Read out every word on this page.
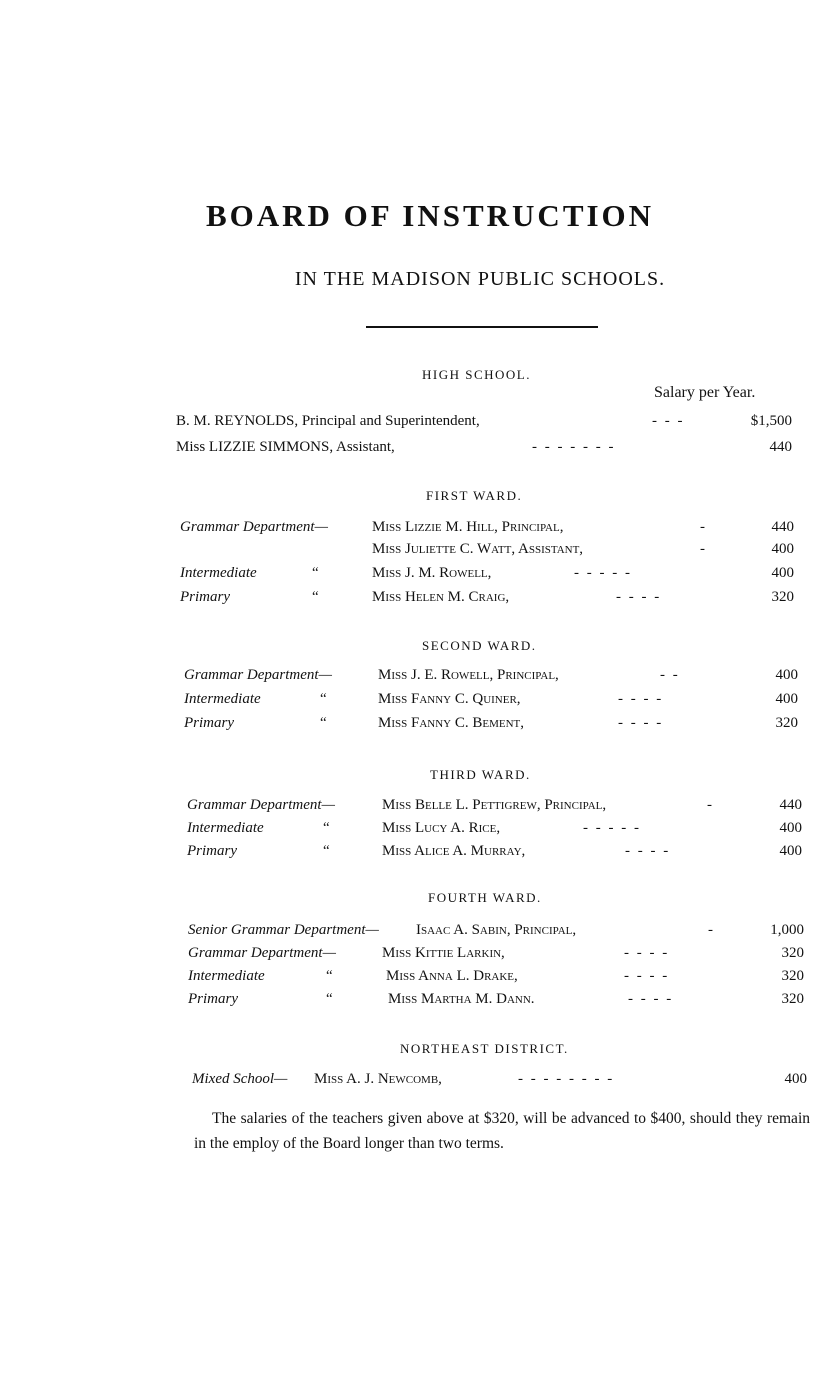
BOARD OF INSTRUCTION
IN THE MADISON PUBLIC SCHOOLS.
HIGH SCHOOL.
Salary per Year.
B. M. REYNOLDS, Principal and Superintendent,	- - -	$1,500
Miss LIZZIE SIMMONS, Assistant,	- - - - - - -	440
FIRST WARD.
Grammar Department—	Miss Lizzie M. Hill, Principal,	-	440
Miss Juliette C. Watt, Assistant,	-	400
Intermediate	“	Miss J. M. Rowell,	- - - - -	400
Primary	“	Miss Helen M. Craig,	- - - -	320
SECOND WARD.
Grammar Department—	Miss J. E. Rowell, Principal,	- -	400
Intermediate	“	Miss Fanny C. Quiner,	- - - -	400
Primary	“	Miss Fanny C. Bement,	- - - -	320
THIRD WARD.
Grammar Department—	Miss Belle L. Pettigrew, Principal,	-	440
Intermediate	“	Miss Lucy A. Rice,	- - - - -	400
Primary	“	Miss Alice A. Murray,	- - - -	400
FOURTH WARD.
Senior Grammar Department— Isaac A. Sabin, Principal,	-	1,000
Grammar Department—	Miss Kittie Larkin,	- - - -	320
Intermediate	“	Miss Anna L. Drake,	- - - -	320
Primary	“	Miss Martha M. Dann.	- - - -	320
NORTHEAST DISTRICT.
Mixed School— Miss A. J. Newcomb,	- - - - - - - -	400
The salaries of the teachers given above at $320, will be advanced to $400, should they remain in the employ of the Board longer than two terms.
